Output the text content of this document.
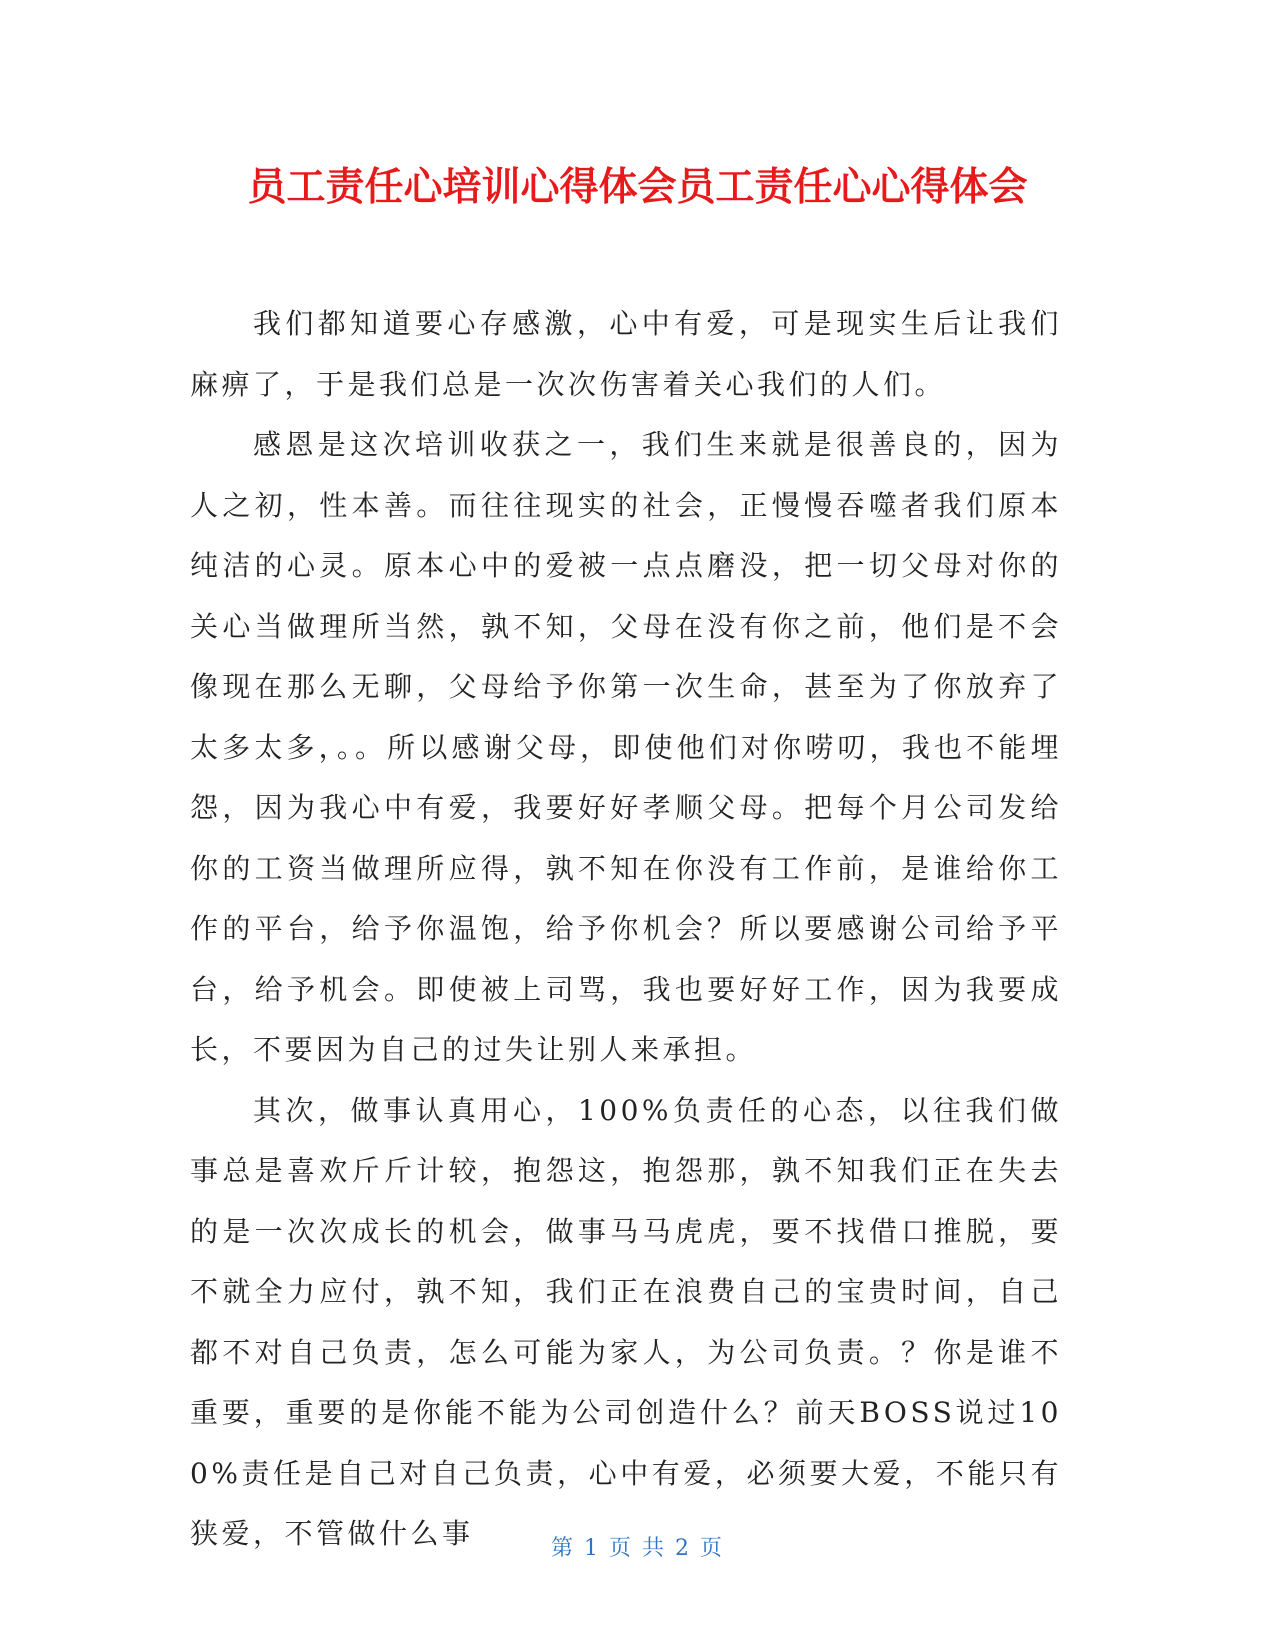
员工责任心培训心得体会员工责任心心得体会

我们都知道要心存感激，心中有爱，可是现实生后让我们麻痹了，于是我们总是一次次伤害着关心我们的人们。

感恩是这次培训收获之一，我们生来就是很善良的，因为人之初，性本善。而往往现实的社会，正慢慢吞噬者我们原本纯洁的心灵。原本心中的爱被一点点磨没，把一切父母对你的关心当做理所当然，孰不知，父母在没有你之前，他们是不会像现在那么无聊，父母给予你第一次生命，甚至为了你放弃了太多太多，。。所以感谢父母，即使他们对你唠叨，我也不能埋怨，因为我心中有爱，我要好好孝顺父母。把每个月公司发给你的工资当做理所应得，孰不知在你没有工作前，是谁给你工作的平台，给予你温饱，给予你机会？所以要感谢公司给予平台，给予机会。即使被上司骂，我也要好好工作，因为我要成长，不要因为自己的过失让别人来承担。

其次，做事认真用心，100%负责任的心态，以往我们做事总是喜欢斤斤计较，抱怨这，抱怨那，孰不知我们正在失去的是一次次成长的机会，做事马马虎虎，要不找借口推脱，要不就全力应付，孰不知，我们正在浪费自己的宝贵时间，自己都不对自己负责，怎么可能为家人，为公司负责。？你是谁不重要，重要的是你能不能为公司创造什么？前天BOSS说过100%责任是自己对自己负责，心中有爱，必须要大爱，不能只有狭爱，不管做什么事	第 1 页 共 2 页
